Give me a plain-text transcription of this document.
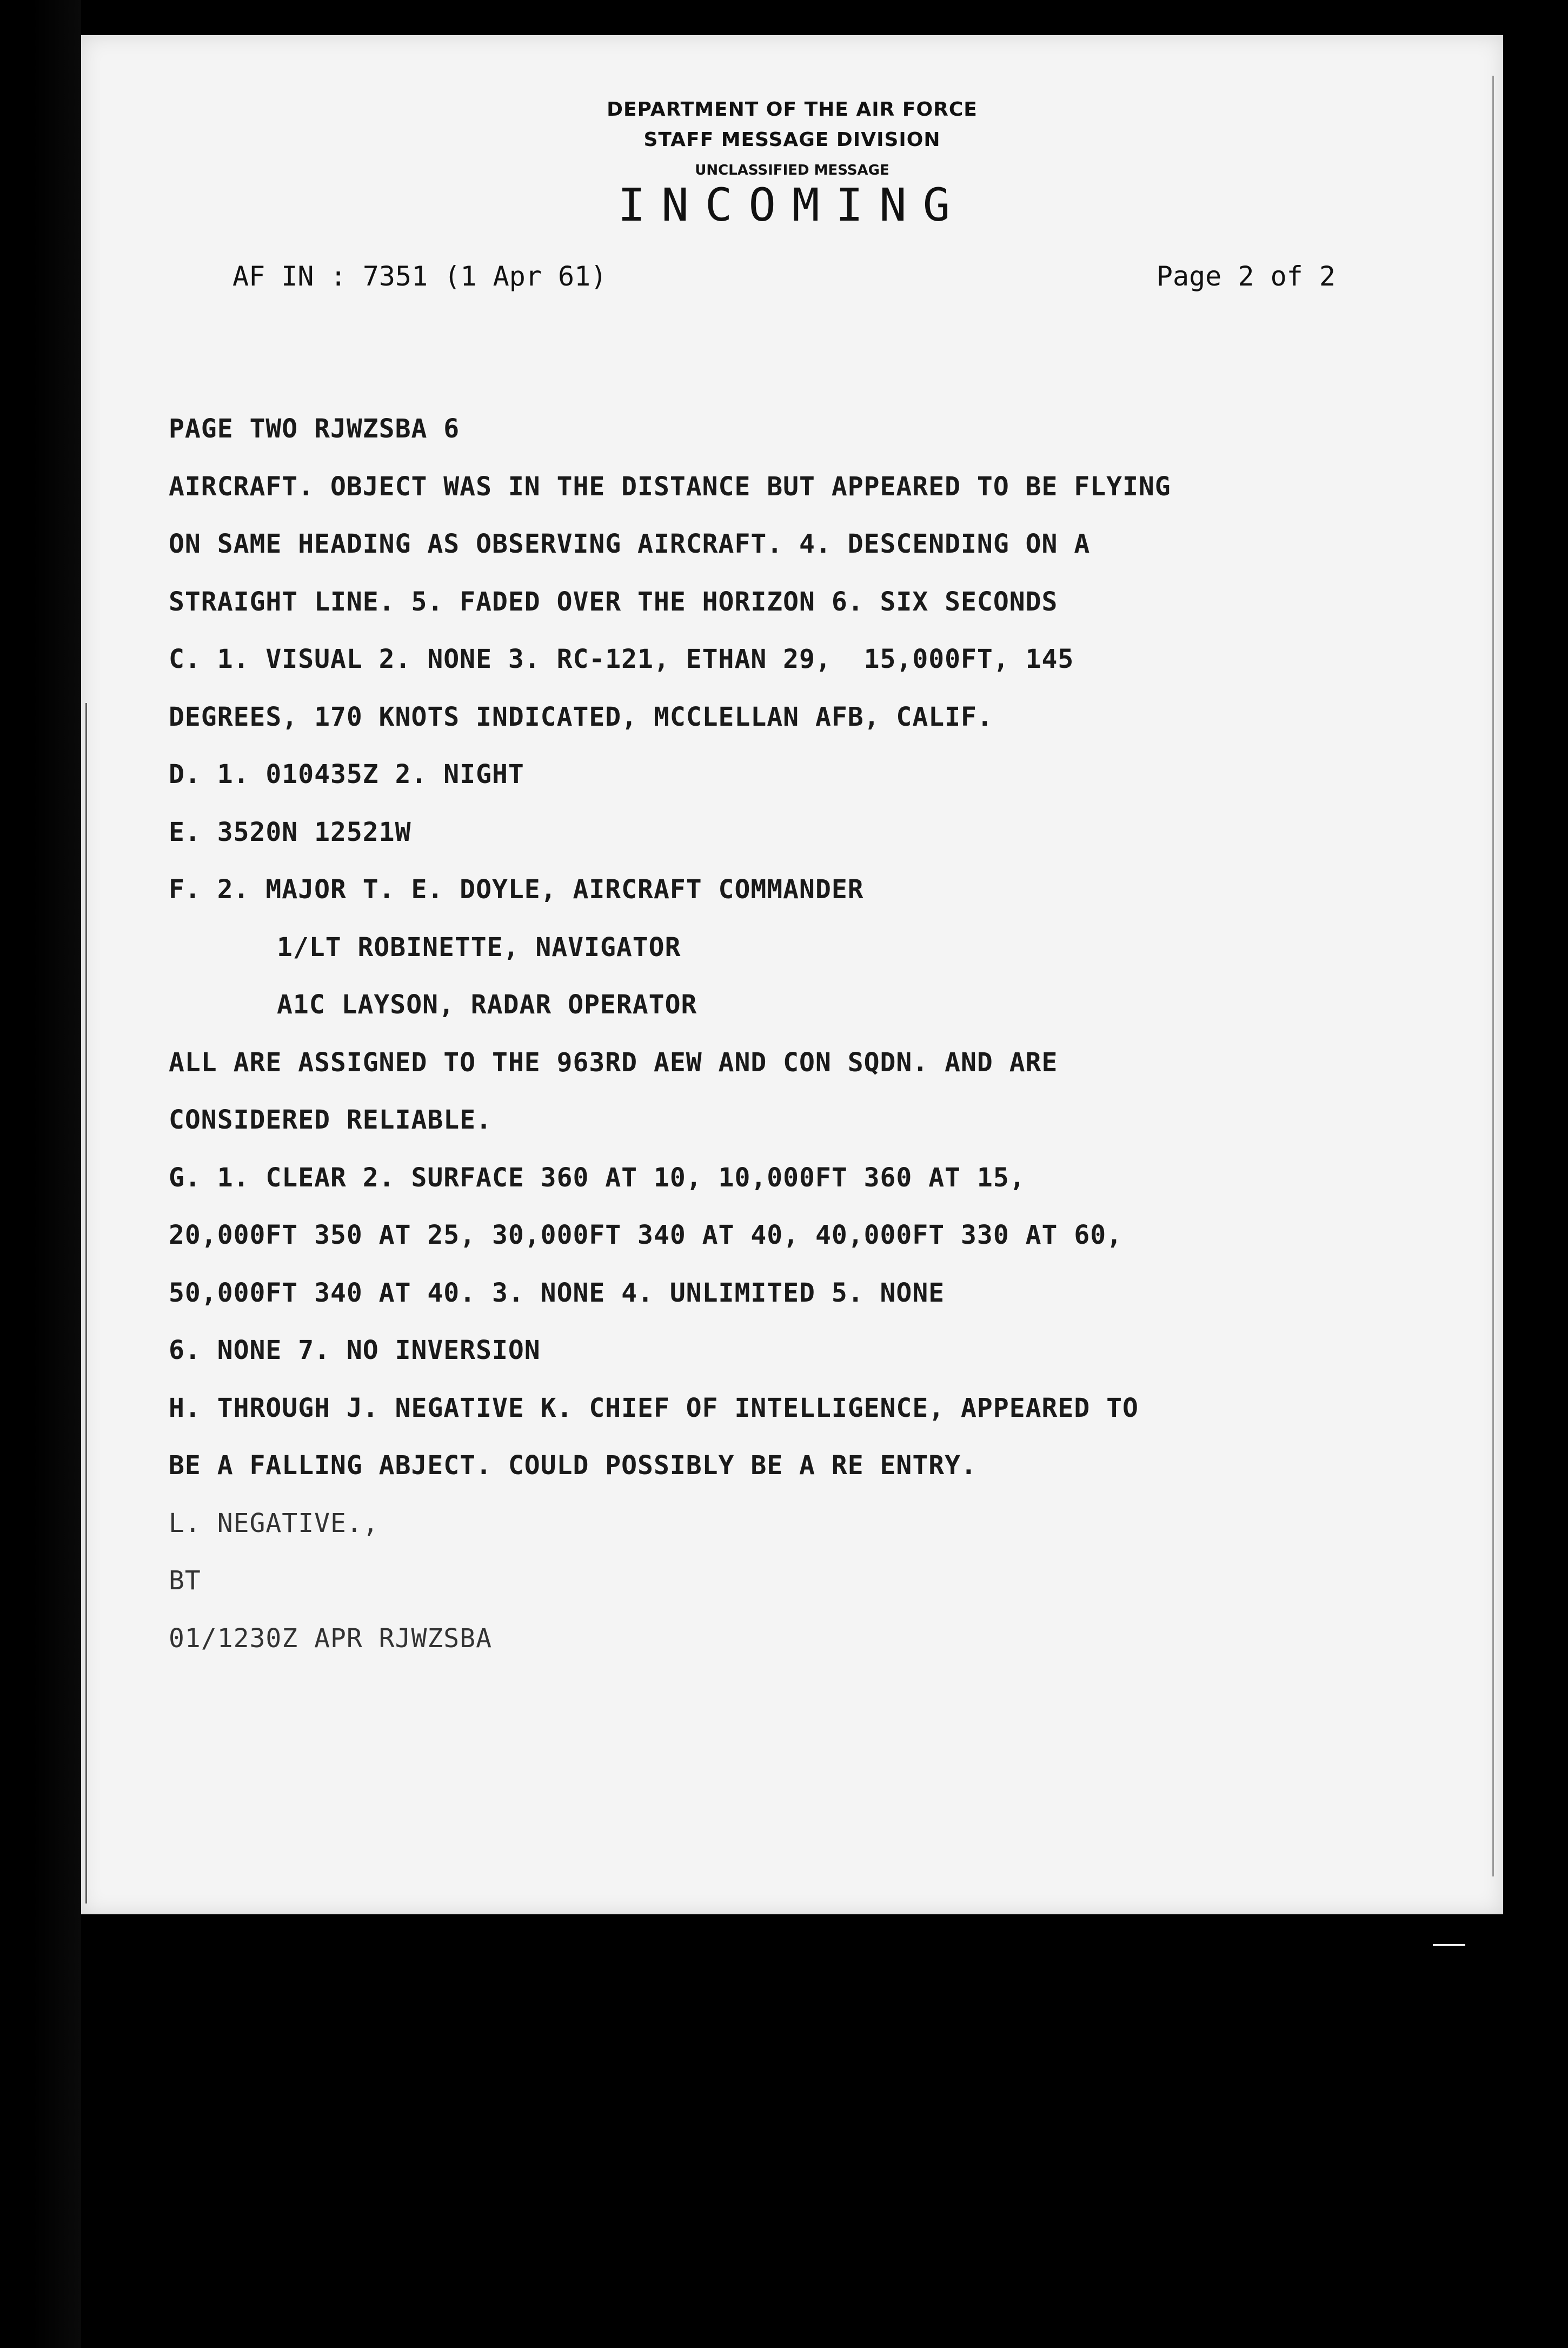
DEPARTMENT OF THE AIR FORCE
STAFF MESSAGE DIVISION
UNCLASSIFIED MESSAGE
INCOMING
AF IN : 7351 (1 Apr 61)	Page 2 of 2
PAGE TWO RJWZSBA 6
AIRCRAFT. OBJECT WAS IN THE DISTANCE BUT APPEARED TO BE FLYING
ON SAME HEADING AS OBSERVING AIRCRAFT. 4. DESCENDING ON A
STRAIGHT LINE. 5. FADED OVER THE HORIZON 6. SIX SECONDS
C. 1. VISUAL 2. NONE 3. RC-121, ETHAN 29,  15,000FT, 145
DEGREES, 170 KNOTS INDICATED, MCCLELLAN AFB, CALIF.
D. 1. 010435Z 2. NIGHT
E. 3520N 12521W
F. 2. MAJOR T. E. DOYLE, AIRCRAFT COMMANDER
1/LT ROBINETTE, NAVIGATOR
A1C LAYSON, RADAR OPERATOR
ALL ARE ASSIGNED TO THE 963RD AEW AND CON SQDN. AND ARE
CONSIDERED RELIABLE.
G. 1. CLEAR 2. SURFACE 360 AT 10, 10,000FT 360 AT 15,
20,000FT 350 AT 25, 30,000FT 340 AT 40, 40,000FT 330 AT 60,
50,000FT 340 AT 40. 3. NONE 4. UNLIMITED 5. NONE
6. NONE 7. NO INVERSION
H. THROUGH J. NEGATIVE K. CHIEF OF INTELLIGENCE, APPEARED TO
BE A FALLING ABJECT. COULD POSSIBLY BE A RE ENTRY.
L. NEGATIVE.,
BT
01/1230Z APR RJWZSBA
